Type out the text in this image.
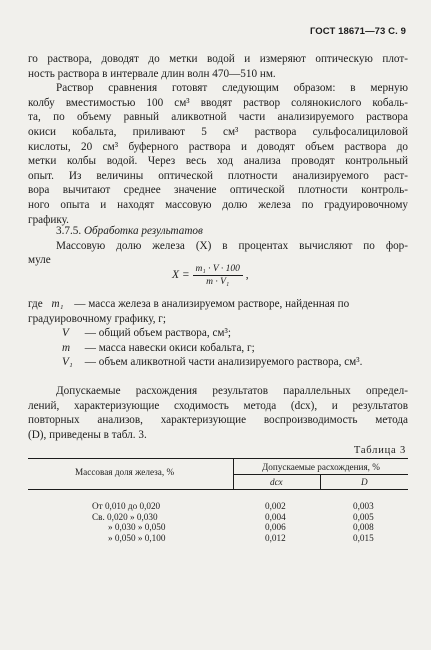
ГОСТ 18671—73 С. 9
го раствора, доводят до метки водой и измеряют оптическую плот-
ность раствора в интервале длин волн 470—510 нм.
Раствор сравнения готовят следующим образом: в мерную
колбу вместимостью 100 см³ вводят раствор солянокислого кобаль-
та, по объему равный аликвотной части анализируемого раствора
окиси кобальта, приливают 5 см³ раствора сульфосалициловой
кислоты, 20 см³ буферного раствора и доводят объем раствора до
метки колбы водой. Через весь ход анализа проводят контрольный
опыт. Из величины оптической плотности анализируемого раст-
вора вычитают среднее значение оптической плотности контроль-
ного опыта и находят массовую долю железа по градуировочному
графику.
3.7.5. Обработка результатов
Массовую долю железа (X) в процентах вычисляют по фор-
муле
$X = \frac{\text{m₁ · V · 100}}{\text{m · V₁}}$ ,
где m₁ — масса железа в анализируемом растворе, найденная по градуировочному графику, г;
V — общий объем раствора, см³;
m — масса навески окиси кобальта, г;
V₁ — объем аликвотной части анализируемого раствора, см³.
Допускаемые расхождения результатов параллельных определ-
лений, характеризующие сходимость метода (dсх), и результатов
повторных анализов, характеризующие воспроизводимость метода
(D), приведены в табл. 3.
Таблица 3
Массовая доля железа, %	Допускаемые расхождения, %
dсх	D
От 0,010 до 0,020	0,002	0,003
Св. 0,020 » 0,030	0,004	0,005
» 0,030 » 0,050	0,006	0,008
» 0,050 » 0,100	0,012	0,015
